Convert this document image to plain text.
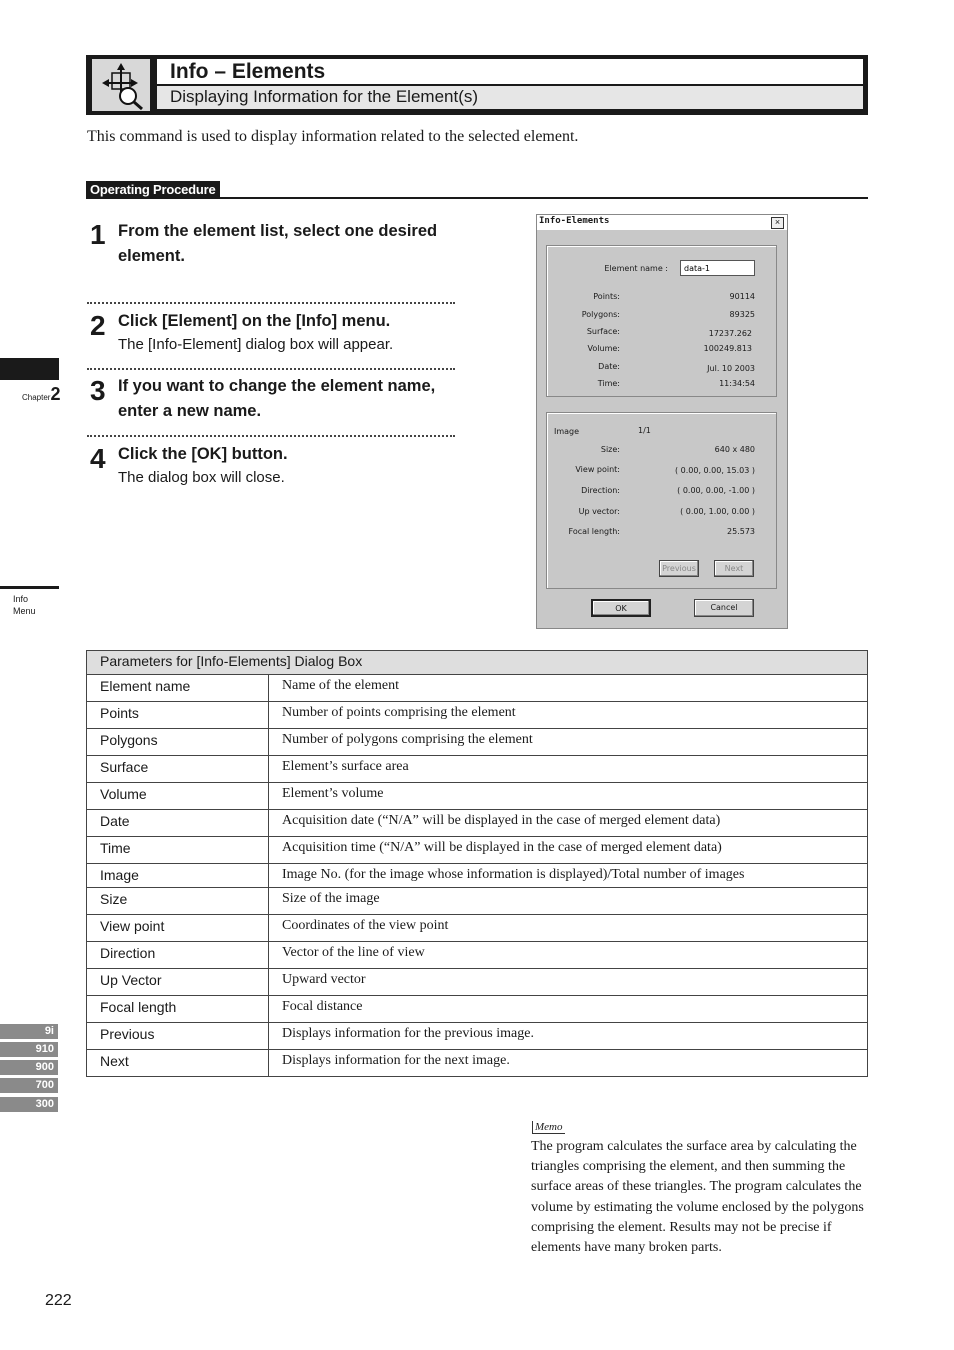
Info – Elements
Displaying Information for the Element(s)
This command is used to display information related to the selected element.
Operating Procedure
1 From the element list, select one desired element.
2 Click [Element] on the [Info] menu.
The [Info-Element] dialog box will appear.
3 If you want to change the element name, enter a new name.
4 Click the [OK] button.
The dialog box will close.
Chapter2
Info
Menu
9i
910
900
700
300
Info-Elements	×
Element name :
data-1
Points:	90114
Polygons:	89325
Surface:	17237.262
Volume:	100249.813
Date:	Jul. 10 2003
Time:	11:34:54
Image	1/1
Size:	640 x 480
View point:	( 0.00, 0.00, 15.03 )
Direction:	( 0.00, 0.00, -1.00 )
Up vector:	( 0.00, 1.00, 0.00 )
Focal length:	25.573
Previous	Next
OK	Cancel
Parameters for [Info-Elements] Dialog Box	
Element name	Name of the element
Points	Number of points comprising the element
Polygons	Number of polygons comprising the element
Surface	Element’s surface area
Volume	Element’s volume
Date	Acquisition date (“N/A” will be displayed in the case of merged element data)
Time	Acquisition time (“N/A” will be displayed in the case of merged element data)
Image	Image No. (for the image whose information is displayed)/Total number of images
Size	Size of the image
View point	Coordinates of the view point
Direction	Vector of the line of view
Up Vector	Upward vector
Focal length	Focal distance
Previous	Displays information for the previous image.
Next	Displays information for the next image.
Memo
The program calculates the surface area by calculating the triangles comprising the element, and then summing the surface areas of these triangles. The program calculates the volume by estimating the volume enclosed by the polygons comprising the element. Results may not be precise if elements have many broken parts.
222
